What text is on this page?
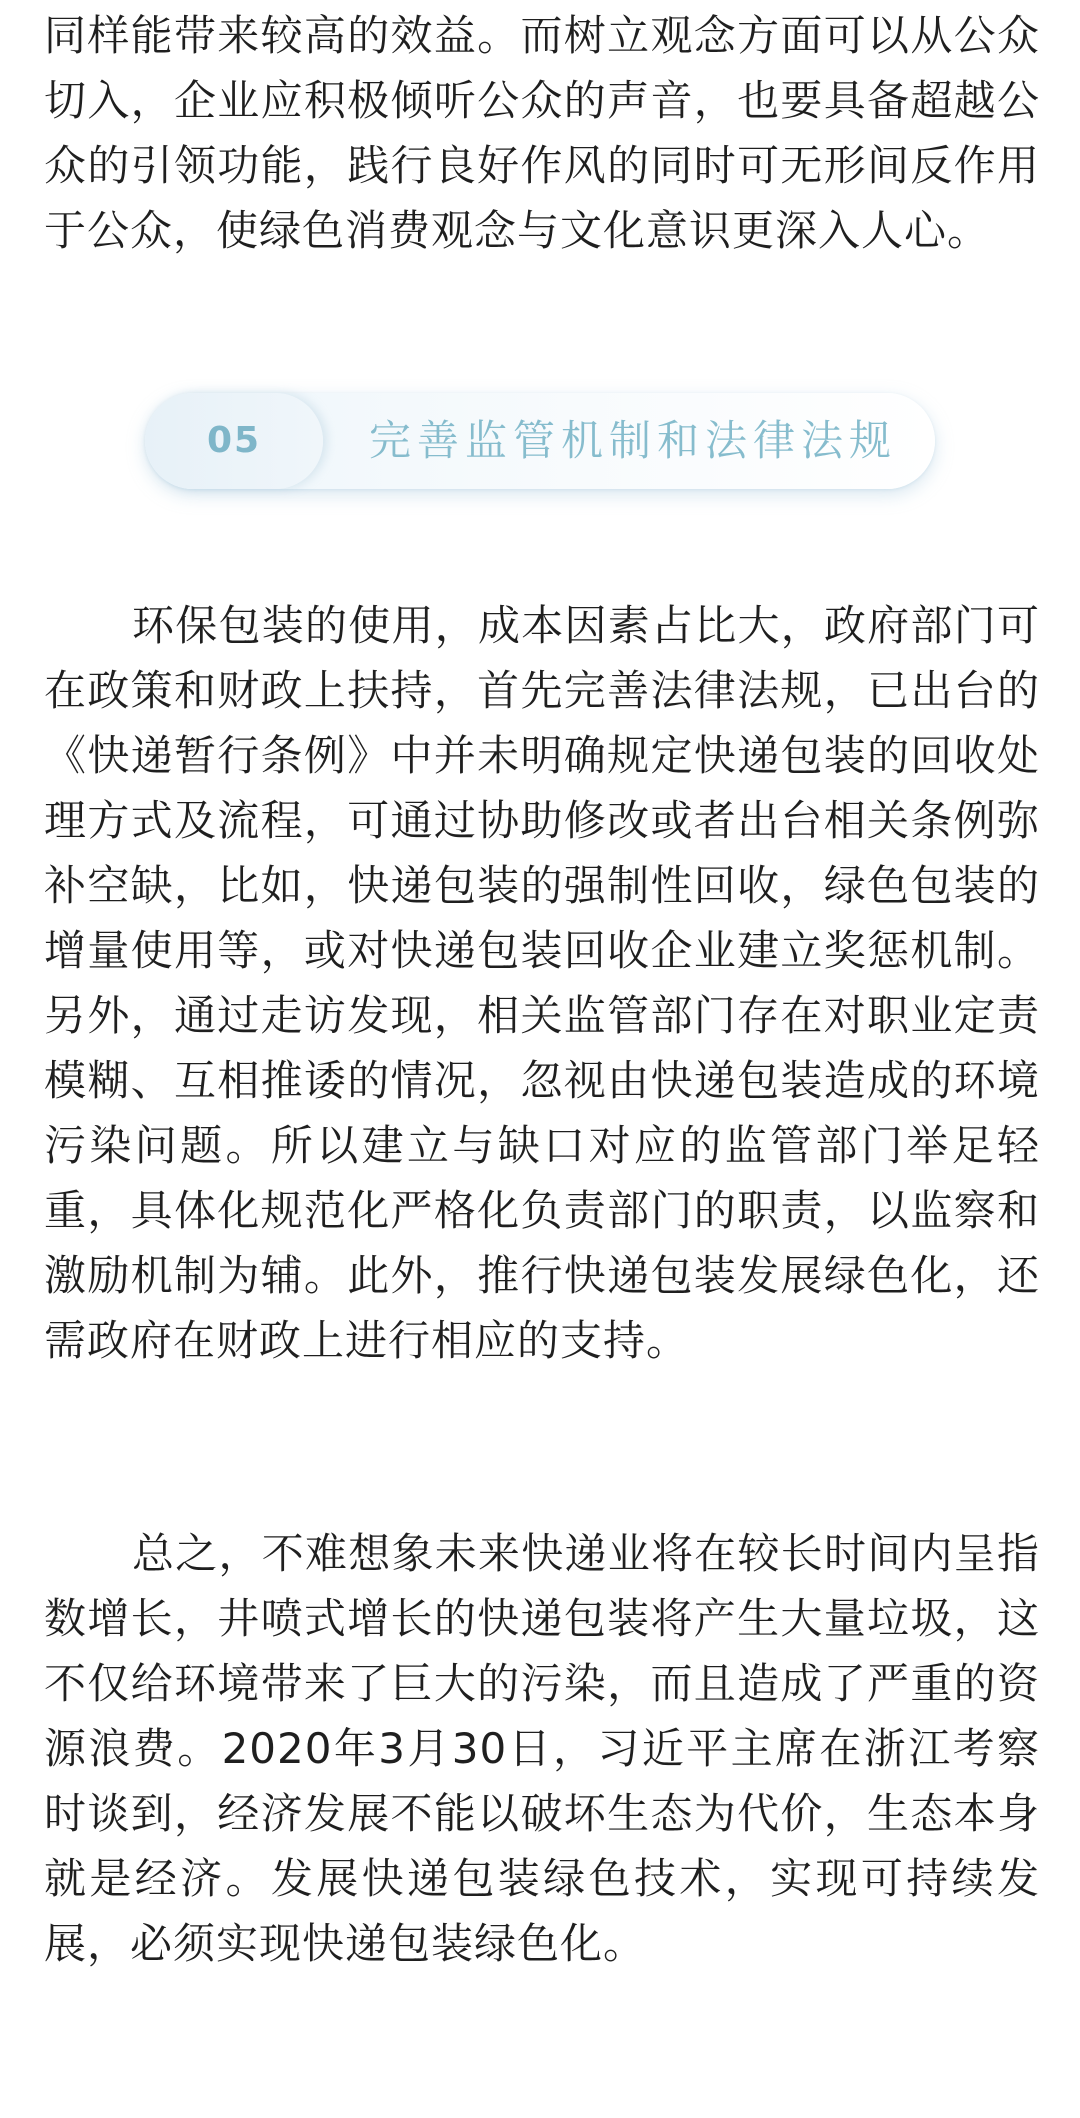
同样能带来较高的效益。而树立观念方面可以从公众切入，企业应积极倾听公众的声音，也要具备超越公众的引领功能，践行良好作风的同时可无形间反作用于公众，使绿色消费观念与文化意识更深入人心。

05	完善监管机制和法律法规

环保包装的使用，成本因素占比大，政府部门可在政策和财政上扶持，首先完善法律法规，已出台的《快递暂行条例》中并未明确规定快递包装的回收处理方式及流程，可通过协助修改或者出台相关条例弥补空缺，比如，快递包装的强制性回收，绿色包装的增量使用等，或对快递包装回收企业建立奖惩机制。另外，通过走访发现，相关监管部门存在对职业定责模糊、互相推诿的情况，忽视由快递包装造成的环境污染问题。所以建立与缺口对应的监管部门举足轻重，具体化规范化严格化负责部门的职责，以监察和激励机制为辅。此外，推行快递包装发展绿色化，还需政府在财政上进行相应的支持。

总之，不难想象未来快递业将在较长时间内呈指数增长，井喷式增长的快递包装将产生大量垃圾，这不仅给环境带来了巨大的污染，而且造成了严重的资源浪费。2020年3月30日，习近平主席在浙江考察时谈到，经济发展不能以破坏生态为代价，生态本身就是经济。发展快递包装绿色技术，实现可持续发展，必须实现快递包装绿色化。
